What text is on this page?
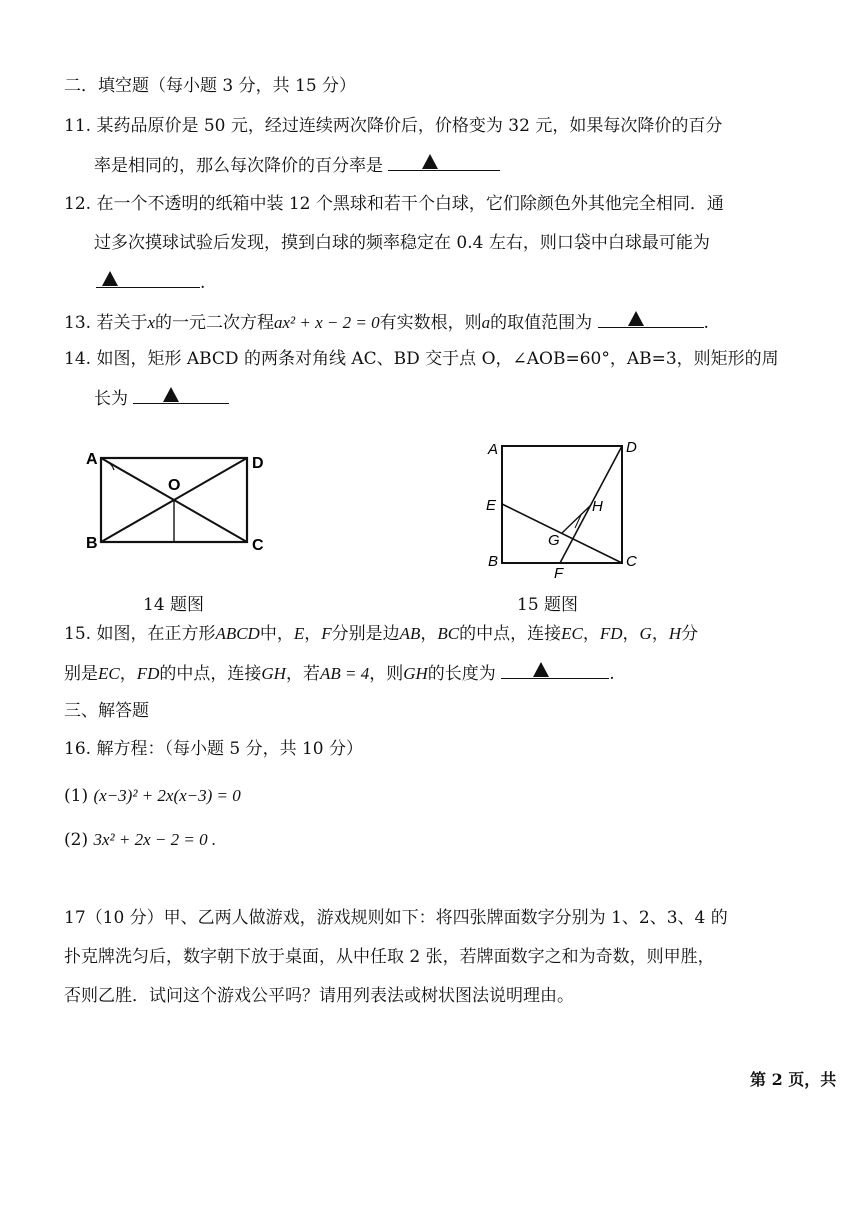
二．填空题（每小题 3 分，共 15 分）
11. 某药品原价是 50 元，经过连续两次降价后，价格变为 32 元，如果每次降价的百分
率是相同的，那么每次降价的百分率是
12. 在一个不透明的纸箱中装 12 个黑球和若干个白球，它们除颜色外其他完全相同．通
过多次摸球试验后发现，摸到白球的频率稳定在 0.4 左右，则口袋中白球最可能为
.
13. 若关于x的一元二次方程ax² + x − 2 = 0有实数根，则a的取值范围为	.
14. 如图，矩形 ABCD 的两条对角线 AC、BD 交于点 O，∠AOB=60°，AB=3，则矩形的周
长为
A	D
B	C
O
14 题图
A	D
E	H
G
B	C
F
15 题图
15. 如图，在正方形ABCD中，E，F分别是边AB，BC的中点，连接EC，FD，G，H分
别是EC，FD的中点，连接GH，若AB = 4，则GH的长度为	.
三、解答题
16. 解方程：（每小题 5 分，共 10 分）
(1) (x−3)² + 2x(x−3) = 0
(2) 3x² + 2x − 2 = 0 .
17（10 分）甲、乙两人做游戏，游戏规则如下：将四张牌面数字分别为 1、2、3、4 的
扑克牌洗匀后，数字朝下放于桌面，从中任取 2 张，若牌面数字之和为奇数，则甲胜，
否则乙胜．试问这个游戏公平吗？请用列表法或树状图法说明理由。
第 2 页，共
